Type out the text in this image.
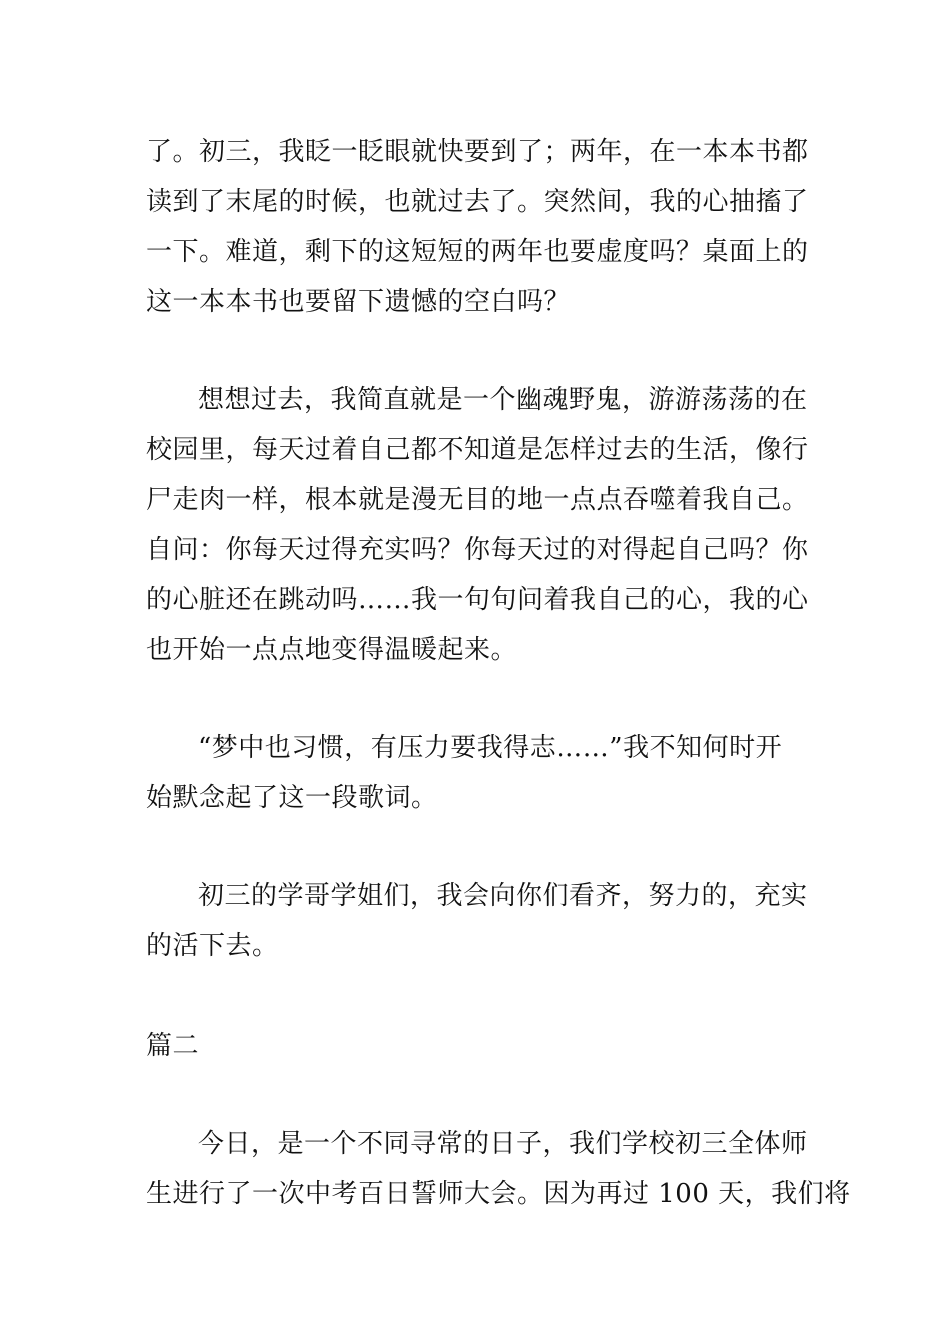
了。初三，我眨一眨眼就快要到了；两年，在一本本书都
读到了末尾的时候，也就过去了。突然间，我的心抽搐了
一下。难道，剩下的这短短的两年也要虚度吗？桌面上的
这一本本书也要留下遗憾的空白吗？
想想过去，我简直就是一个幽魂野鬼，游游荡荡的在
校园里，每天过着自己都不知道是怎样过去的生活，像行
尸走肉一样，根本就是漫无目的地一点点吞噬着我自己。
自问：你每天过得充实吗？你每天过的对得起自己吗？你
的心脏还在跳动吗……我一句句问着我自己的心，我的心
也开始一点点地变得温暖起来。
“梦中也习惯，有压力要我得志……”我不知何时开
始默念起了这一段歌词。
初三的学哥学姐们，我会向你们看齐，努力的，充实
的活下去。
篇二
今日，是一个不同寻常的日子，我们学校初三全体师
生进行了一次中考百日誓师大会。因为再过 100 天，我们将
